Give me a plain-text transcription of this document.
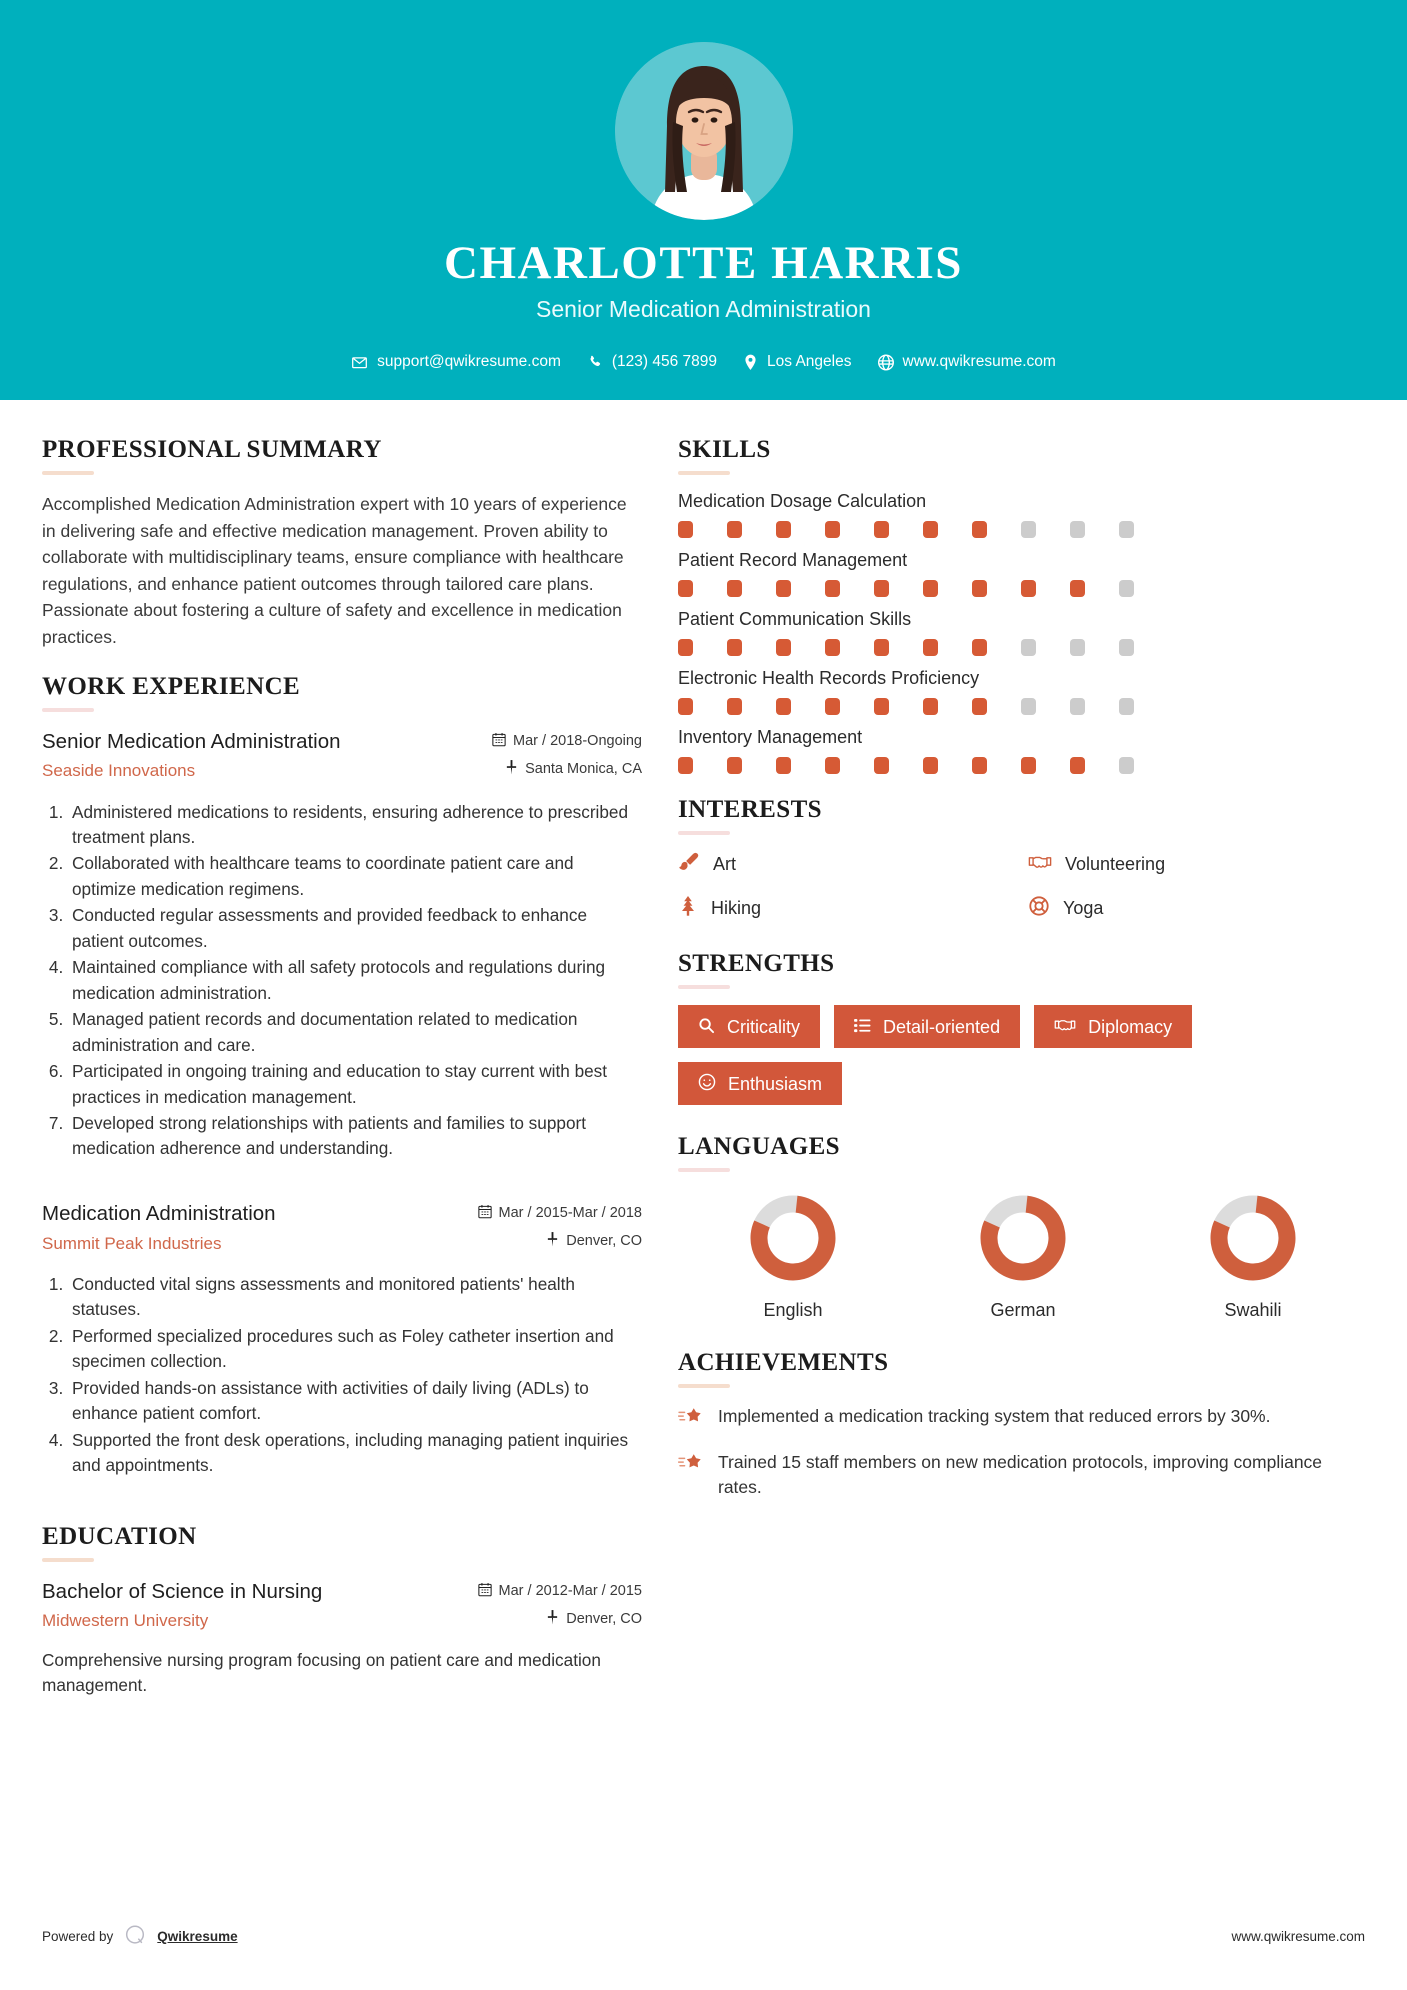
CHARLOTTE HARRIS
Senior Medication Administration
support@qwikresume.com	(123) 456 7899	Los Angeles	www.qwikresume.com
PROFESSIONAL SUMMARY
Accomplished Medication Administration expert with 10 years of experience in delivering safe and effective medication management. Proven ability to collaborate with multidisciplinary teams, ensure compliance with healthcare regulations, and enhance patient outcomes through tailored care plans. Passionate about fostering a culture of safety and excellence in medication practices.
WORK EXPERIENCE
Senior Medication Administration
Seaside Innovations
Mar / 2018-Ongoing
Santa Monica, CA
1. Administered medications to residents, ensuring adherence to prescribed treatment plans.
2. Collaborated with healthcare teams to coordinate patient care and optimize medication regimens.
3. Conducted regular assessments and provided feedback to enhance patient outcomes.
4. Maintained compliance with all safety protocols and regulations during medication administration.
5. Managed patient records and documentation related to medication administration and care.
6. Participated in ongoing training and education to stay current with best practices in medication management.
7. Developed strong relationships with patients and families to support medication adherence and understanding.
Medication Administration
Summit Peak Industries
Mar / 2015-Mar / 2018
Denver, CO
1. Conducted vital signs assessments and monitored patients' health statuses.
2. Performed specialized procedures such as Foley catheter insertion and specimen collection.
3. Provided hands-on assistance with activities of daily living (ADLs) to enhance patient comfort.
4. Supported the front desk operations, including managing patient inquiries and appointments.
EDUCATION
Bachelor of Science in Nursing
Midwestern University
Mar / 2012-Mar / 2015
Denver, CO
Comprehensive nursing program focusing on patient care and medication management.
SKILLS
Medication Dosage Calculation
Patient Record Management
Patient Communication Skills
Electronic Health Records Proficiency
Inventory Management
INTERESTS
Art	Volunteering
Hiking	Yoga
STRENGTHS
Criticality	Detail-oriented	Diplomacy
Enthusiasm
LANGUAGES
English	German	Swahili
ACHIEVEMENTS
Implemented a medication tracking system that reduced errors by 30%.
Trained 15 staff members on new medication protocols, improving compliance rates.
Powered by	Qwikresume	www.qwikresume.com
